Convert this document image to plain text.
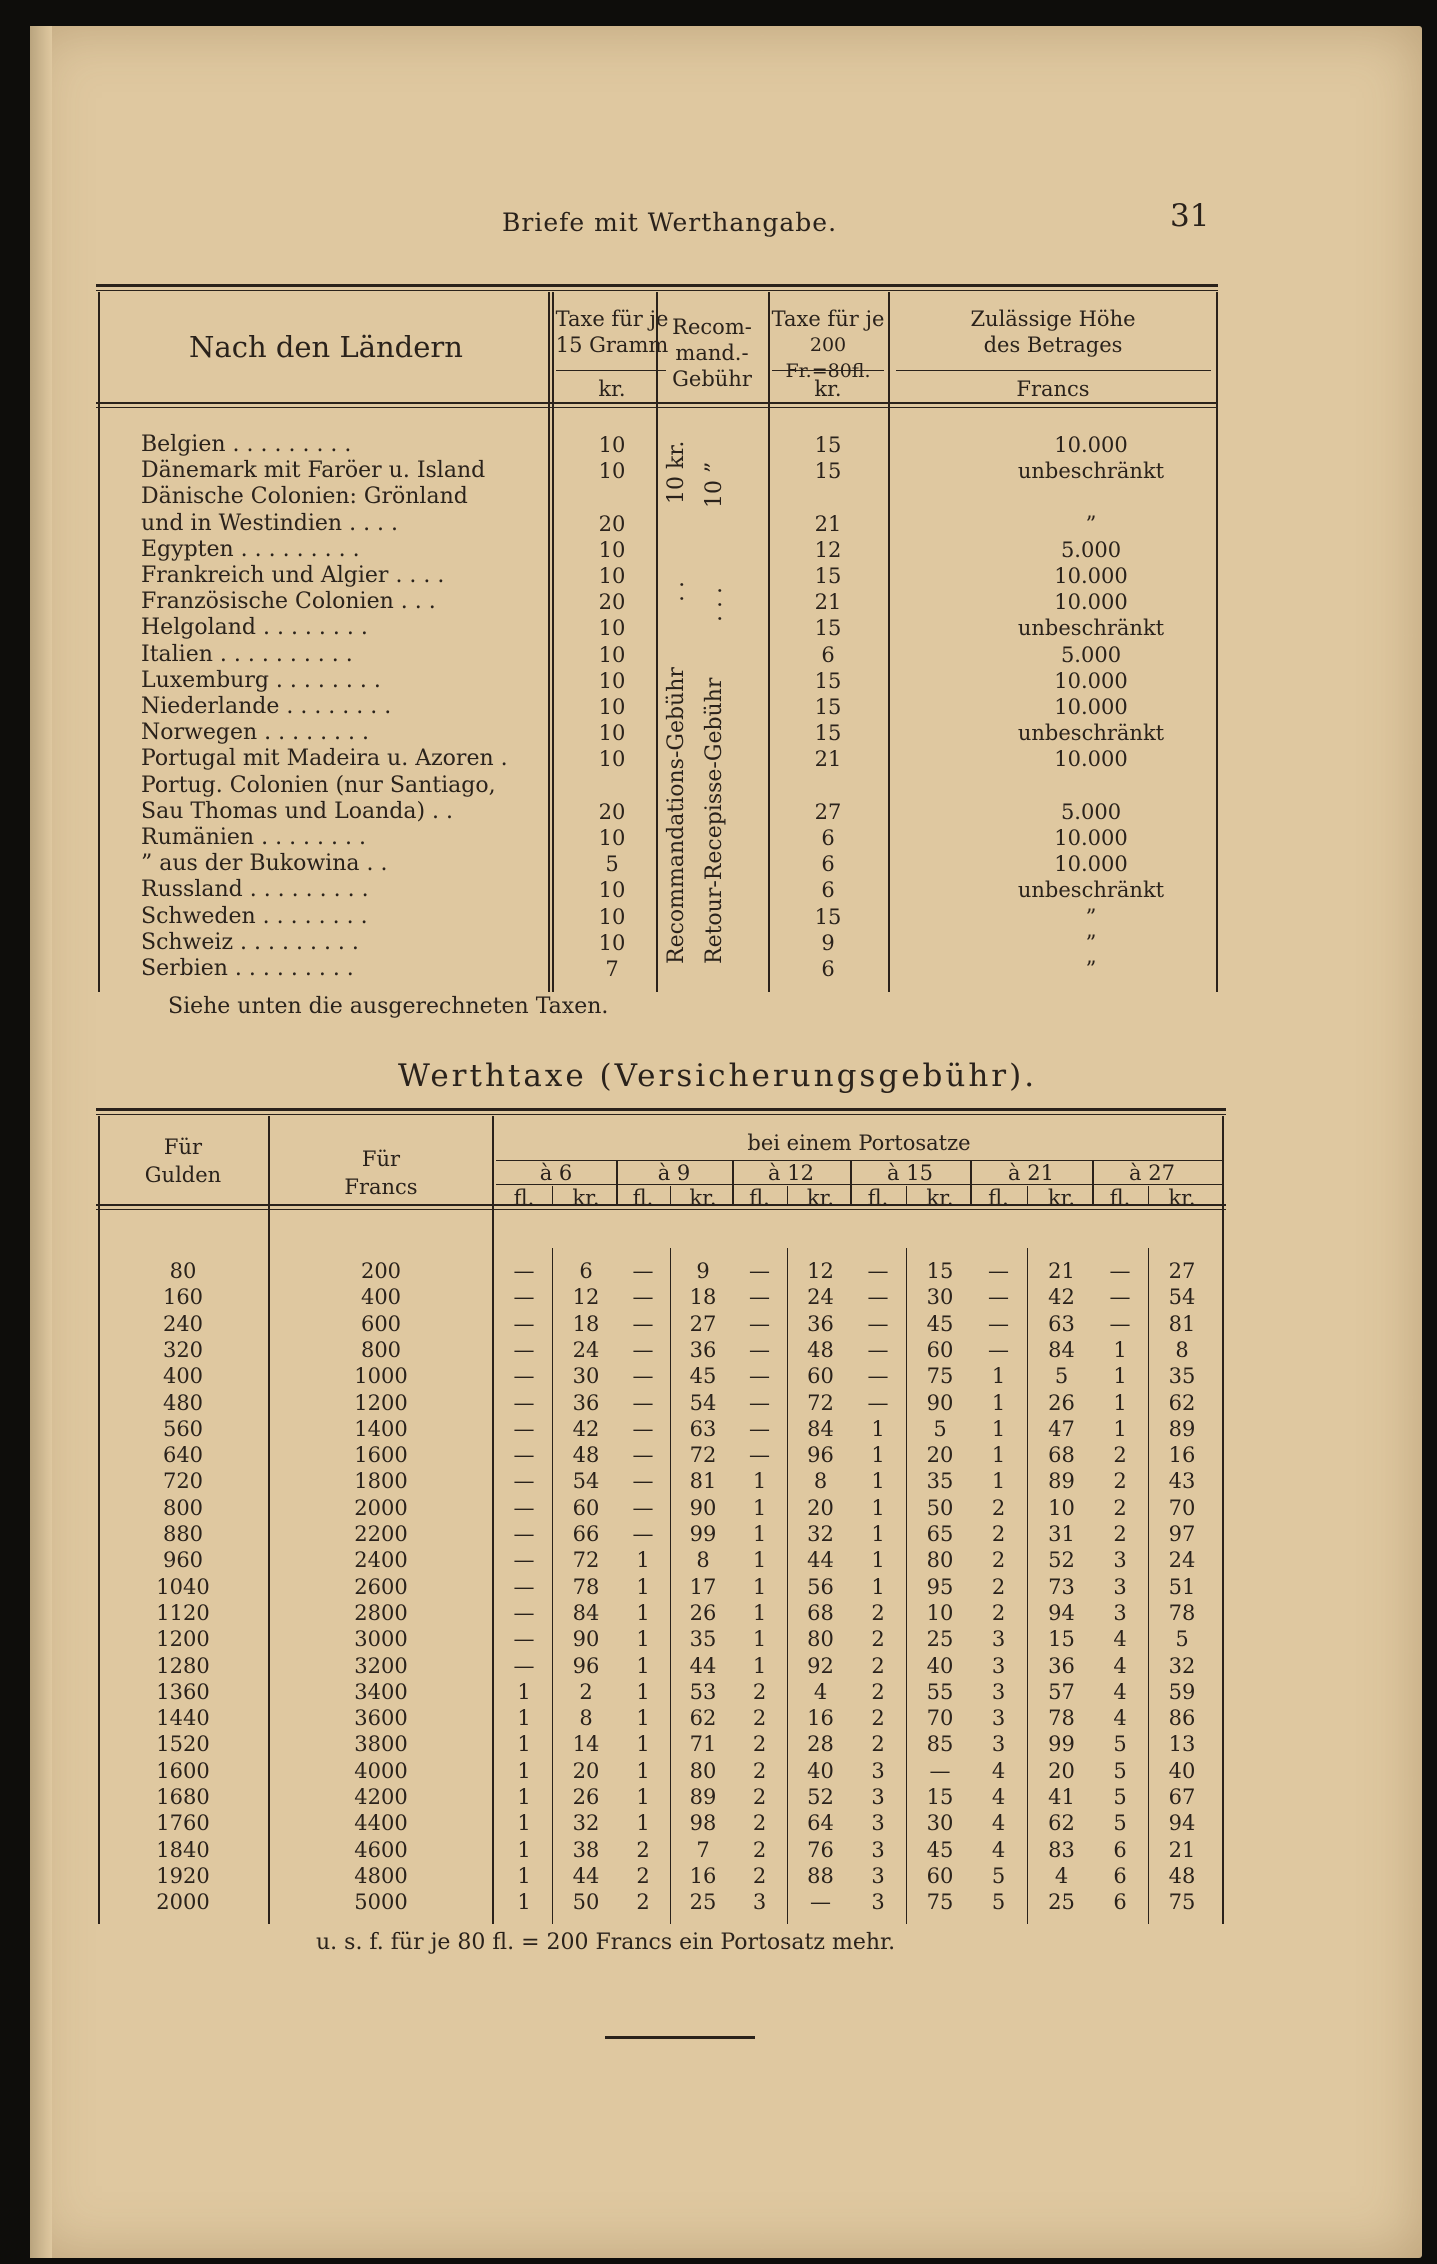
Briefe mit Werthangabe.	31
Nach den Ländern
Taxe für je
15 Gramm
kr.
Recom-
mand.-
Gebühr
Taxe für je
200 Fr.=80fl.
kr.
Zulässige Höhe
des Betrages
Francs
10 kr.
. .
Recommandations-Gebühr
10 ”
. . .
Retour-Recepisse-Gebühr
Belgien . . . . . . . . .	10	15	10.000
Dänemark mit Faröer u. Island	10	15	unbeschränkt
Dänische Colonien: Grönland
und in Westindien . . . .	20	21	”
Egypten . . . . . . . . .	10	12	5.000
Frankreich und Algier . . . .	10	15	10.000
Französische Colonien . . .	20	21	10.000
Helgoland . . . . . . . .	10	15	unbeschränkt
Italien . . . . . . . . . .	10	6	5.000
Luxemburg . . . . . . . .	10	15	10.000
Niederlande . . . . . . . .	10	15	10.000
Norwegen . . . . . . . .	10	15	unbeschränkt
Portugal mit Madeira u. Azoren .	10	21	10.000
Portug. Colonien (nur Santiago,
Sau Thomas und Loanda) . .	20	27	5.000
Rumänien . . . . . . . .	10	6	10.000
” aus der Bukowina . .	5	6	10.000
Russland . . . . . . . . .	10	6	unbeschränkt
Schweden . . . . . . . .	10	15	”
Schweiz . . . . . . . . .	10	9	”
Serbien . . . . . . . . .	7	6	”
Siehe unten die ausgerechneten Taxen.
Werthtaxe (Versicherungsgebühr).
Für
Gulden
Für
Francs
bei einem Portosatze
à 6
fl.	kr.
à 9
fl.	kr.
à 12
fl.	kr.
à 15
fl.	kr.
à 21
fl.	kr.
à 27
fl.	kr.
80	200	—	6	—	9	—	12	—	15	—	21	—	27
160	400	—	12	—	18	—	24	—	30	—	42	—	54
240	600	—	18	—	27	—	36	—	45	—	63	—	81
320	800	—	24	—	36	—	48	—	60	—	84	1	8
400	1000	—	30	—	45	—	60	—	75	1	5	1	35
480	1200	—	36	—	54	—	72	—	90	1	26	1	62
560	1400	—	42	—	63	—	84	1	5	1	47	1	89
640	1600	—	48	—	72	—	96	1	20	1	68	2	16
720	1800	—	54	—	81	1	8	1	35	1	89	2	43
800	2000	—	60	—	90	1	20	1	50	2	10	2	70
880	2200	—	66	—	99	1	32	1	65	2	31	2	97
960	2400	—	72	1	8	1	44	1	80	2	52	3	24
1040	2600	—	78	1	17	1	56	1	95	2	73	3	51
1120	2800	—	84	1	26	1	68	2	10	2	94	3	78
1200	3000	—	90	1	35	1	80	2	25	3	15	4	5
1280	3200	—	96	1	44	1	92	2	40	3	36	4	32
1360	3400	1	2	1	53	2	4	2	55	3	57	4	59
1440	3600	1	8	1	62	2	16	2	70	3	78	4	86
1520	3800	1	14	1	71	2	28	2	85	3	99	5	13
1600	4000	1	20	1	80	2	40	3	—	4	20	5	40
1680	4200	1	26	1	89	2	52	3	15	4	41	5	67
1760	4400	1	32	1	98	2	64	3	30	4	62	5	94
1840	4600	1	38	2	7	2	76	3	45	4	83	6	21
1920	4800	1	44	2	16	2	88	3	60	5	4	6	48
2000	5000	1	50	2	25	3	—	3	75	5	25	6	75
u. s. f. für je 80 fl. = 200 Francs ein Portosatz mehr.
